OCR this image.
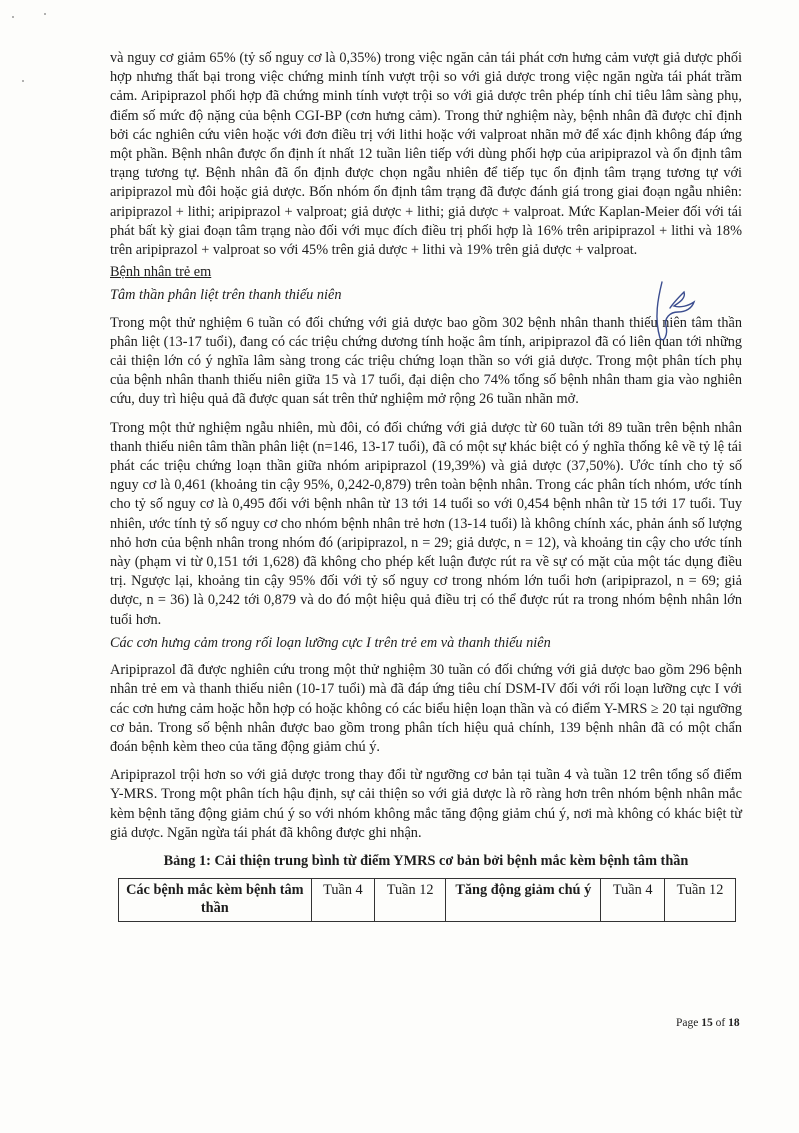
và nguy cơ giảm 65% (tỷ số nguy cơ là 0,35%) trong việc ngăn cản tái phát cơn hưng cảm vượt giả dược phối hợp nhưng thất bại trong việc chứng minh tính vượt trội so với giả dược trong việc ngăn ngừa tái phát trầm cảm. Aripiprazol phối hợp đã chứng minh tính vượt trội so với giả dược trên phép tính chỉ tiêu lâm sàng phụ, điểm số mức độ nặng của bệnh CGI-BP (cơn hưng cảm). Trong thử nghiệm này, bệnh nhân đã được chỉ định bởi các nghiên cứu viên hoặc với đơn điều trị với lithi hoặc với valproat nhãn mở để xác định không đáp ứng một phần. Bệnh nhân được ổn định ít nhất 12 tuần liên tiếp với dùng phối hợp của aripiprazol và ổn định tâm trạng tương tự. Bệnh nhân đã ổn định được chọn ngẫu nhiên để tiếp tục ổn định tâm trạng tương tự với aripiprazol mù đôi hoặc giả dược. Bốn nhóm ổn định tâm trạng đã được đánh giá trong giai đoạn ngẫu nhiên: aripiprazol + lithi; aripiprazol + valproat; giả dược + lithi; giả dược + valproat. Mức Kaplan-Meier đối với tái phát bất kỳ giai đoạn tâm trạng nào đối với mục đích điều trị phối hợp là 16% trên aripiprazol + lithi và 18% trên aripiprazol + valproat so với 45% trên giả dược + lithi và 19% trên giả dược + valproat.

Bệnh nhân trẻ em

Tâm thần phân liệt trên thanh thiếu niên

Trong một thử nghiệm 6 tuần có đối chứng với giả dược bao gồm 302 bệnh nhân thanh thiếu niên tâm thần phân liệt (13-17 tuổi), đang có các triệu chứng dương tính hoặc âm tính, aripiprazol đã có liên quan tới những cải thiện lớn có ý nghĩa lâm sàng trong các triệu chứng loạn thần so với giả dược. Trong một phân tích phụ của bệnh nhân thanh thiếu niên giữa 15 và 17 tuổi, đại diện cho 74% tổng số bệnh nhân tham gia vào nghiên cứu, duy trì hiệu quả đã được quan sát trên thử nghiệm mở rộng 26 tuần nhãn mở.

Trong một thử nghiệm ngẫu nhiên, mù đôi, có đối chứng với giả dược từ 60 tuần tới 89 tuần trên bệnh nhân thanh thiếu niên tâm thần phân liệt (n=146, 13-17 tuổi), đã có một sự khác biệt có ý nghĩa thống kê về tỷ lệ tái phát các triệu chứng loạn thần giữa nhóm aripiprazol (19,39%) và giả dược (37,50%). Ước tính cho tỷ số nguy cơ là 0,461 (khoảng tin cậy 95%, 0,242-0,879) trên toàn bệnh nhân. Trong các phân tích nhóm, ước tính cho tỷ số nguy cơ là 0,495 đối với bệnh nhân từ 13 tới 14 tuổi so với 0,454 bệnh nhân từ 15 tới 17 tuổi. Tuy nhiên, ước tính tỷ số nguy cơ cho nhóm bệnh nhân trẻ hơn (13-14 tuổi) là không chính xác, phản ánh số lượng nhỏ hơn của bệnh nhân trong nhóm đó (aripiprazol, n = 29; giả dược, n = 12), và khoảng tin cậy cho ước tính này (phạm vi từ 0,151 tới 1,628) đã không cho phép kết luận được rút ra về sự có mặt của một tác dụng điều trị. Ngược lại, khoảng tin cậy 95% đối với tỷ số nguy cơ trong nhóm lớn tuổi hơn (aripiprazol, n = 69; giả dược, n = 36) là 0,242 tới 0,879 và do đó một hiệu quả điều trị có thể được rút ra trong nhóm bệnh nhân lớn tuổi hơn.

Các cơn hưng cảm trong rối loạn lưỡng cực I trên trẻ em và thanh thiếu niên

Aripiprazol đã được nghiên cứu trong một thử nghiệm 30 tuần có đối chứng với giả dược bao gồm 296 bệnh nhân trẻ em và thanh thiếu niên (10-17 tuổi) mà đã đáp ứng tiêu chí DSM-IV đối với rối loạn lưỡng cực I với các cơn hưng cảm hoặc hỗn hợp có hoặc không có các biểu hiện loạn thần và có điểm Y-MRS ≥ 20 tại ngưỡng cơ bản. Trong số bệnh nhân được bao gồm trong phân tích hiệu quả chính, 139 bệnh nhân đã có một chẩn đoán bệnh kèm theo của tăng động giảm chú ý.

Aripiprazol trội hơn so với giả dược trong thay đổi từ ngưỡng cơ bản tại tuần 4 và tuần 12 trên tổng số điểm Y-MRS. Trong một phân tích hậu định, sự cải thiện so với giả dược là rõ ràng hơn trên nhóm bệnh nhân mắc kèm bệnh tăng động giảm chú ý so với nhóm không mắc tăng động giảm chú ý, nơi mà không có khác biệt từ giả dược. Ngăn ngừa tái phát đã không được ghi nhận.

Bảng 1: Cải thiện trung bình từ điểm YMRS cơ bản bởi bệnh mắc kèm bệnh tâm thần

Các bệnh mắc kèm bệnh tâm thần	Tuần 4	Tuần 12	Tăng động giảm chú ý	Tuần 4	Tuần 12
Page 15 of 18
